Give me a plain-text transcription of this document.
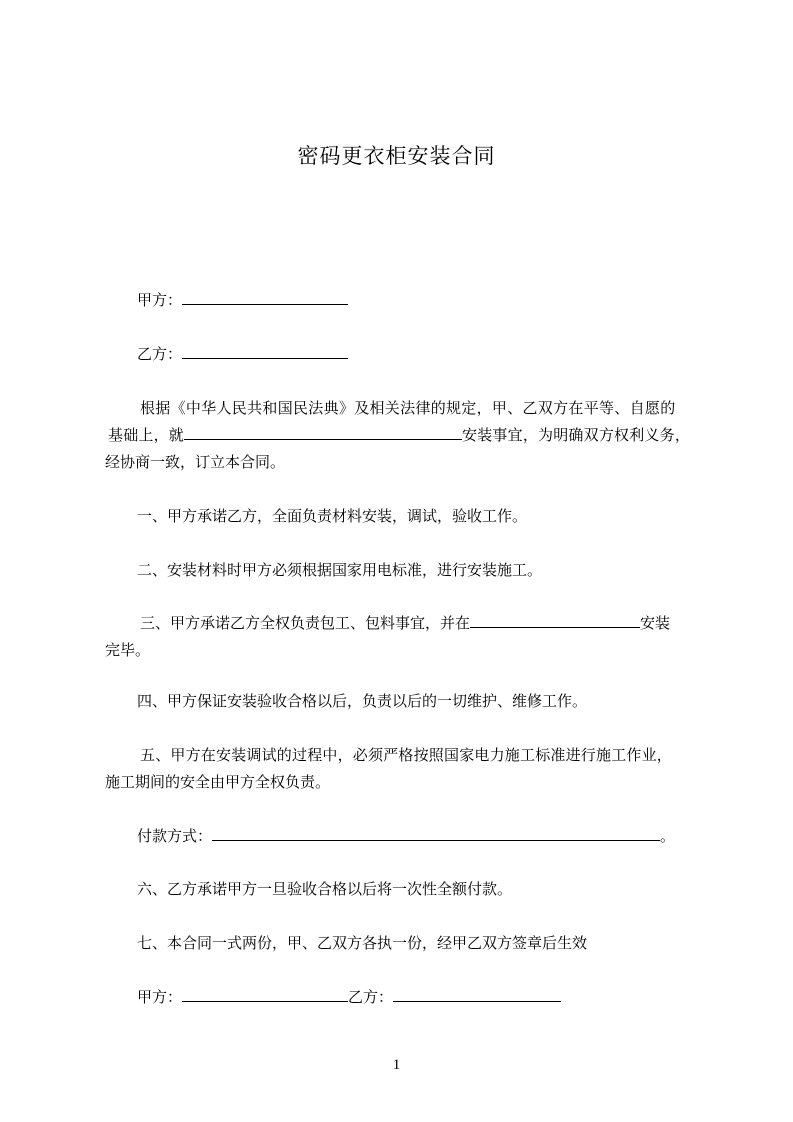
密码更衣柜安装合同
甲方：
乙方：
根据《中华人民共和国民法典》及相关法律的规定，甲、乙双方在平等、自愿的
基础上，就	安装事宜，为明确双方权利义务，
经协商一致，订立本合同。
一、甲方承诺乙方，全面负责材料安装，调试，验收工作。
二、安装材料时甲方必须根据国家用电标准，进行安装施工。
三、甲方承诺乙方全权负责包工、包料事宜，并在	安装
完毕。
四、甲方保证安装验收合格以后，负责以后的一切维护、维修工作。
五、甲方在安装调试的过程中，必须严格按照国家电力施工标准进行施工作业，
施工期间的安全由甲方全权负责。
付款方式：	。
六、乙方承诺甲方一旦验收合格以后将一次性全额付款。
七、本合同一式两份，甲、乙双方各执一份，经甲乙双方签章后生效
甲方：	乙方：
1
